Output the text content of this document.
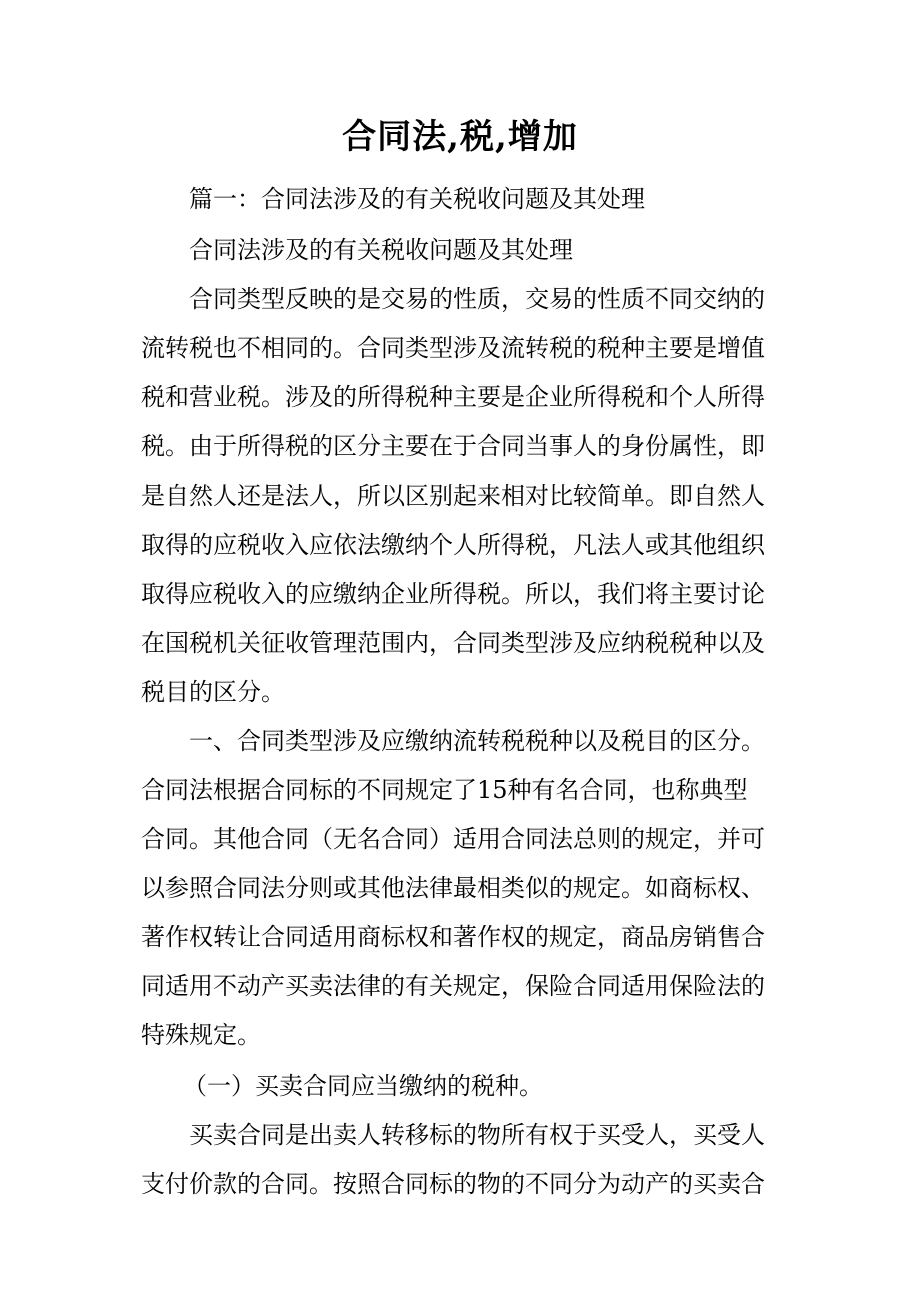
合同法,税,增加
篇一：合同法涉及的有关税收问题及其处理
合同法涉及的有关税收问题及其处理
合同类型反映的是交易的性质，交易的性质不同交纳的
流转税也不相同的。合同类型涉及流转税的税种主要是增值
税和营业税。涉及的所得税种主要是企业所得税和个人所得
税。由于所得税的区分主要在于合同当事人的身份属性，即
是自然人还是法人，所以区别起来相对比较简单。即自然人
取得的应税收入应依法缴纳个人所得税，凡法人或其他组织
取得应税收入的应缴纳企业所得税。所以，我们将主要讨论
在国税机关征收管理范围内，合同类型涉及应纳税税种以及
税目的区分。
一、合同类型涉及应缴纳流转税税种以及税目的区分。
合同法根据合同标的不同规定了15种有名合同，也称典型
合同。其他合同（无名合同）适用合同法总则的规定，并可
以参照合同法分则或其他法律最相类似的规定。如商标权、
著作权转让合同适用商标权和著作权的规定，商品房销售合
同适用不动产买卖法律的有关规定，保险合同适用保险法的
特殊规定。
（一）买卖合同应当缴纳的税种。
买卖合同是出卖人转移标的物所有权于买受人，买受人
支付价款的合同。按照合同标的物的不同分为动产的买卖合
